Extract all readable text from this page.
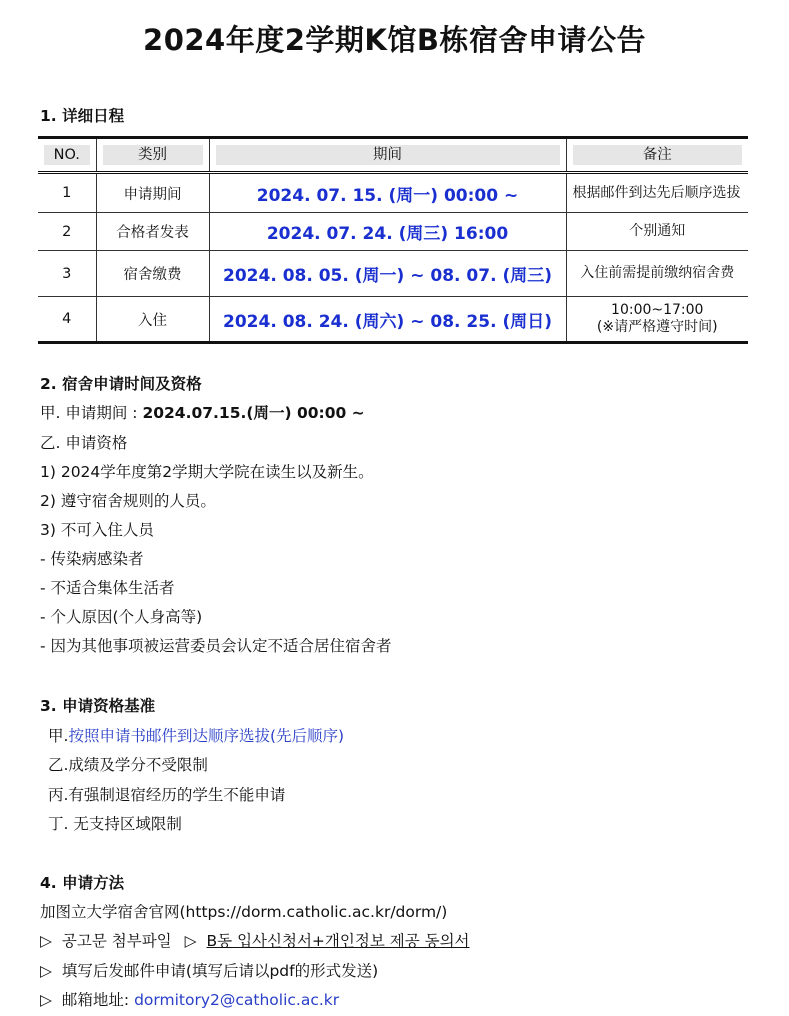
2024年度2学期K馆B栋宿舍申请公告
1. 详细日程
NO.	类别	期间	备注

1	申请期间	2024. 07. 15. (周一) 00:00 ~	根据邮件到达先后顺序选拔
2	合格者发表	2024. 07. 24. (周三) 16:00	个别通知
3	宿舍缴费	2024. 08. 05. (周一) ~ 08. 07. (周三)	入住前需提前缴纳宿舍费
4	入住	2024. 08. 24. (周六) ~ 08. 25. (周日)	10:00~17:00
(※请严格遵守时间)
2. 宿舍申请时间及资格
甲. 申请期间 : 2024.07.15.(周一) 00:00 ~
乙. 申请资格
1) 2024学年度第2学期大学院在读生以及新生。
2) 遵守宿舍规则的人员。
3) 不可入住人员
- 传染病感染者
- 不适合集体生活者
- 个人原因(个人身高等)
- 因为其他事项被运营委员会认定不适合居住宿舍者
3. 申请资格基准
甲.按照申请书邮件到达顺序选拔(先后顺序)
乙.成绩及学分不受限制
丙.有强制退宿经历的学生不能申请
丁. 无支持区域限制
4. 申请方法
加图立大学宿舍官网(https://dorm.catholic.ac.kr/dorm/)
▷ 공고문 첨부파일 ▷ B동 입사신청서+개인정보 제공 동의서
▷ 填写后发邮件申请(填写后请以pdf的形式发送)
▷ 邮箱地址: dormitory2@catholic.ac.kr
